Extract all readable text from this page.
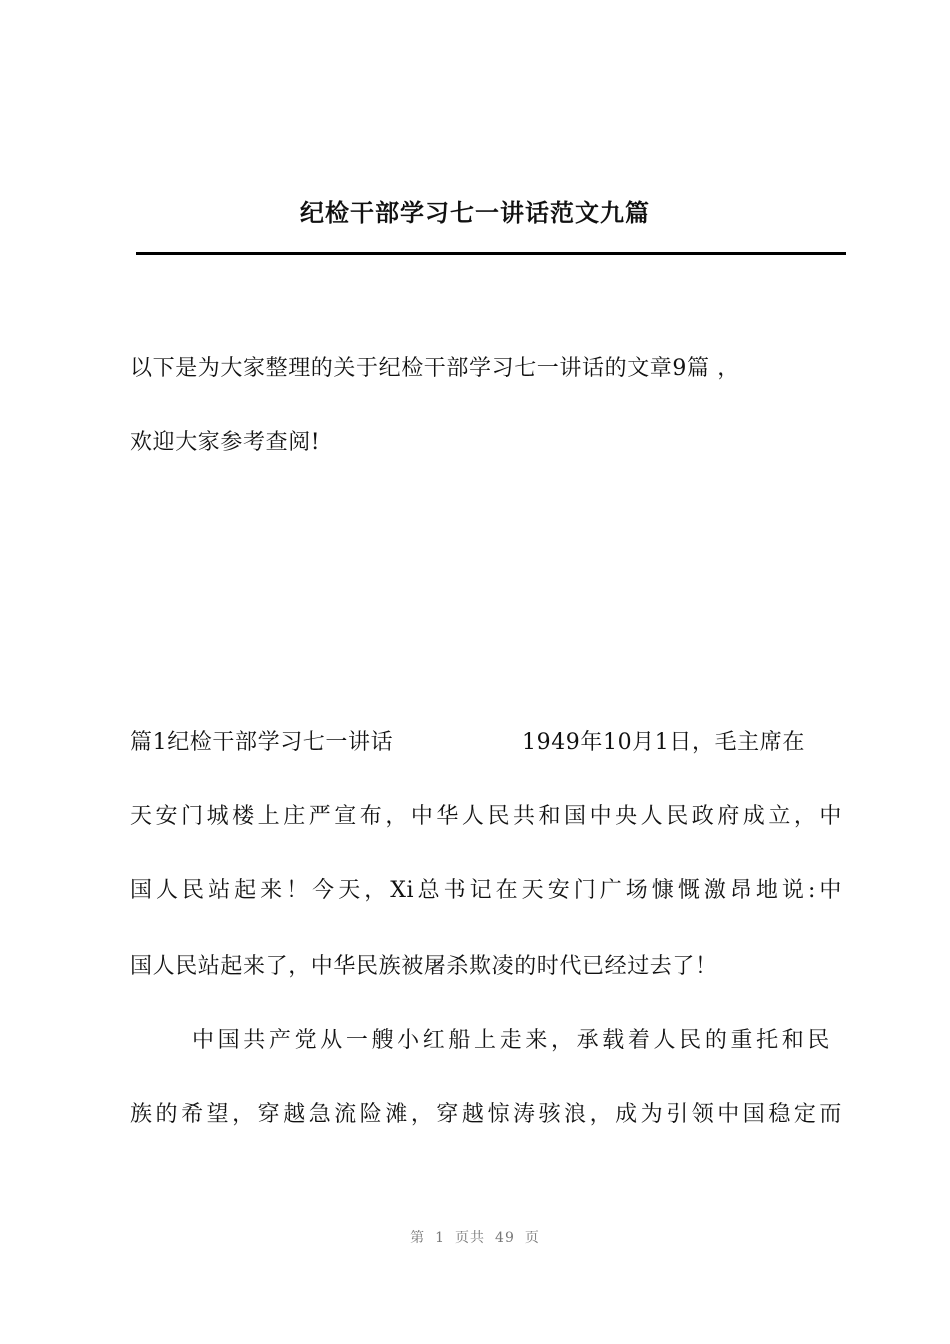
纪检干部学习七一讲话范文九篇
以下是为大家整理的关于纪检干部学习七一讲话的文章9篇 ，
欢迎大家参考查阅!
篇1纪检干部学习七一讲话	1949年10月1日，毛主席在
天安门城楼上庄严宣布，中华人民共和国中央人民政府成立，中
国人民站起来！今天，Xi总书记在天安门广场慷慨激昂地说:中
国人民站起来了，中华民族被屠杀欺凌的时代已经过去了！
中国共产党从一艘小红船上走来，承载着人民的重托和民
族的希望，穿越急流险滩，穿越惊涛骇浪，成为引领中国稳定而
第 1 页共 49 页
